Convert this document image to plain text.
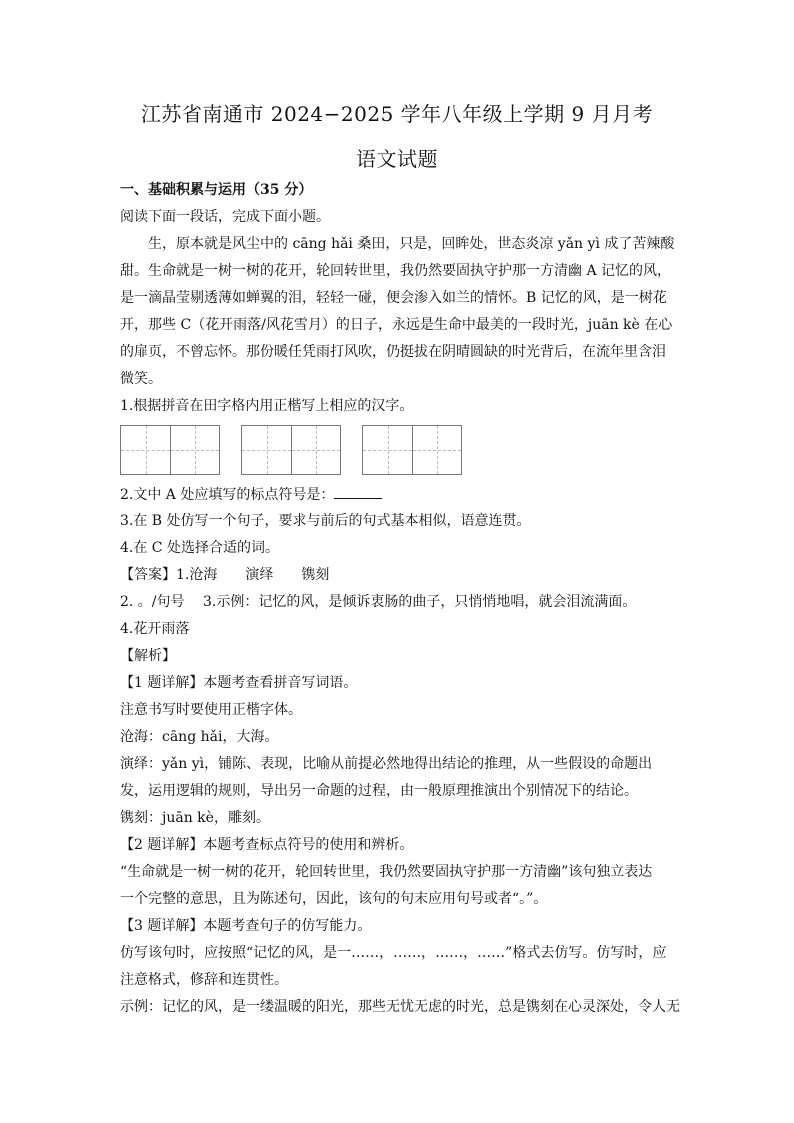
江苏省南通市 2024−2025 学年八年级上学期 9 月月考
语文试题
一、基础积累与运用（35 分）
阅读下面一段话，完成下面小题。
　　生，原本就是风尘中的 cāng hǎi 桑田，只是，回眸处，世态炎凉 yǎn yì 成了苦辣酸
甜。生命就是一树一树的花开，轮回转世里，我仍然要固执守护那一方清幽 A 记忆的风，
是一滴晶莹剔透薄如蝉翼的泪，轻轻一碰，便会渗入如兰的情怀。B 记忆的风，是一树花
开，那些 C（花开雨落/风花雪月）的日子，永远是生命中最美的一段时光，juān kè 在心
的扉页，不曾忘怀。那份暖任凭雨打风吹，仍挺拔在阴晴圆缺的时光背后，在流年里含泪
微笑。
1.根据拼音在田字格内用正楷写上相应的汉字。
2.文中 A 处应填写的标点符号是：
3.在 B 处仿写一个句子，要求与前后的句式基本相似，语意连贯。
4.在 C 处选择合适的词。
【答案】1.沧海　　演绎　　镌刻
2. 。/句号　 3.示例：记忆的风，是倾诉衷肠的曲子，只悄悄地唱，就会泪流满面。
4.花开雨落
【解析】
【1 题详解】本题考查看拼音写词语。
注意书写时要使用正楷字体。
沧海：cāng hǎi，大海。
演绎：yǎn yì，铺陈、表现，比喻从前提必然地得出结论的推理，从一些假设的命题出
发，运用逻辑的规则，导出另一命题的过程，由一般原理推演出个别情况下的结论。
镌刻：juān kè，雕刻。
【2 题详解】本题考查标点符号的使用和辨析。
“生命就是一树一树的花开，轮回转世里，我仍然要固执守护那一方清幽”该句独立表达
一个完整的意思，且为陈述句，因此，该句的句末应用句号或者“。”。
【3 题详解】本题考查句子的仿写能力。
仿写该句时，应按照“记忆的风，是一……，……，……，……”格式去仿写。仿写时，应
注意格式，修辞和连贯性。
示例：记忆的风，是一缕温暖的阳光，那些无忧无虑的时光，总是镌刻在心灵深处，令人无
